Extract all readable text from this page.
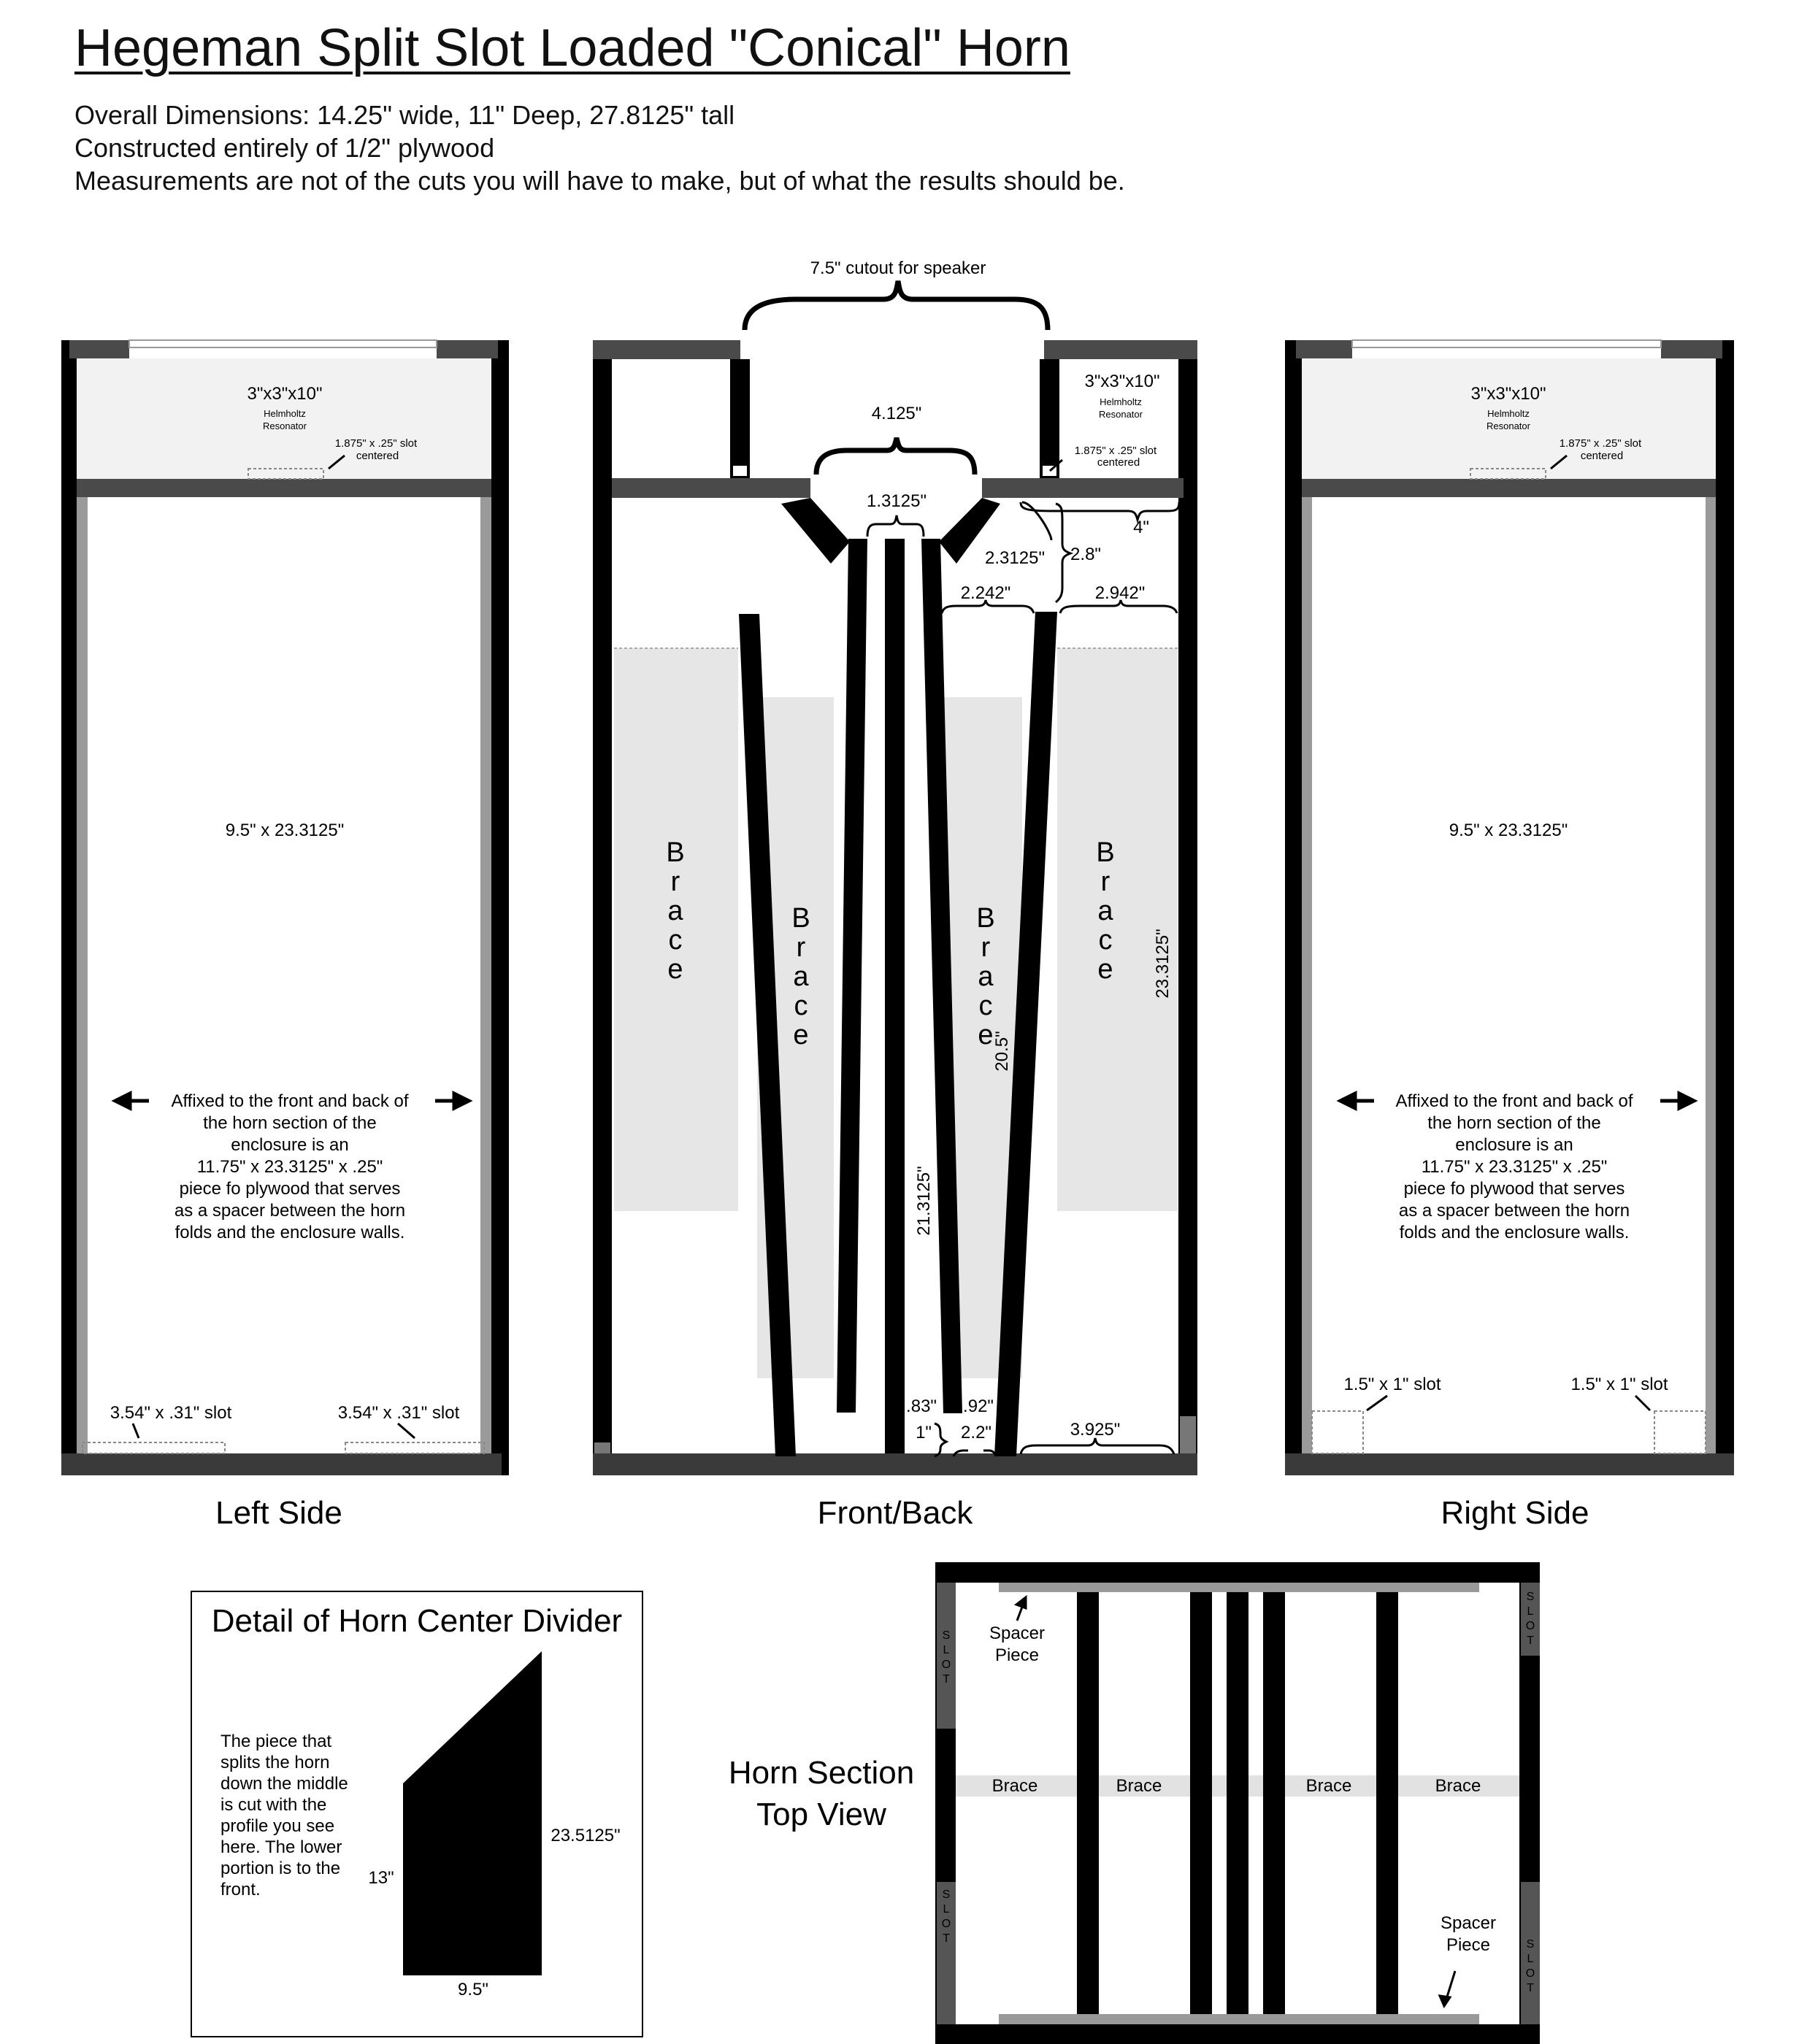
Hegeman Split Slot Loaded "Conical" Horn

Overall Dimensions: 14.25" wide, 11" Deep, 27.8125" tall

Constructed entirely of 1/2" plywood

Measurements are not of the cuts you will have to make, but of what the results should be.

3"x3"x10"
Helmholtz
Resonator
1.875" x .25" slot
centered
9.5" x 23.3125"
Affixed to the front and back of
the horn section of the
enclosure is an
11.75" x 23.3125" x .25"
piece fo plywood that serves
as a spacer between the horn
folds and the enclosure walls.
3.54" x .31" slot	3.54" x .31" slot
Left Side
B r a c e
B r a c e
B r a c e
B r a c e
7.5" cutout for speaker
3"x3"x10"
Helmholtz
Resonator
1.875" x .25" slot
centered
4.125"
1.3125"
4"
2.3125" 2.8"
2.242"	2.942"
23.3125"
20.5"
21.3125"
.83" .92"
1" 2.2"	3.925"
Front/Back
3"x3"x10"
Helmholtz
Resonator
1.875" x .25" slot
centered
9.5" x 23.3125"
Affixed to the front and back of
the horn section of the
enclosure is an
11.75" x 23.3125" x .25"
piece fo plywood that serves
as a spacer between the horn
folds and the enclosure walls.
1.5" x 1" slot	1.5" x 1" slot
Right Side
Detail of Horn Center Divider
The piece that
splits the horn
down the middle
is cut with the
profile you see
here. The lower
portion is to the
front.
23.5125"
13"
9.5"
Horn Section
Top View
Brace	Brace	Brace	Brace
S L O T
S L O T
S L O T	S L O T
Spacer
Piece
Spacer
Piece
